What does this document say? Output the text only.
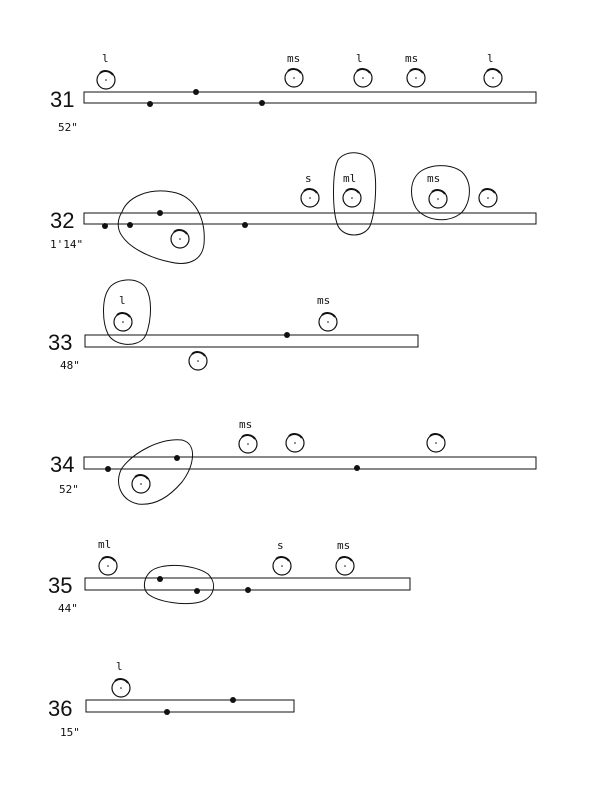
31
52"
l	ms	l	ms	l
32
1'14"
s	ml	ms
33
48"
l	ms
34
52"
ms
35
44"
ml	s	ms
36
15"
l
